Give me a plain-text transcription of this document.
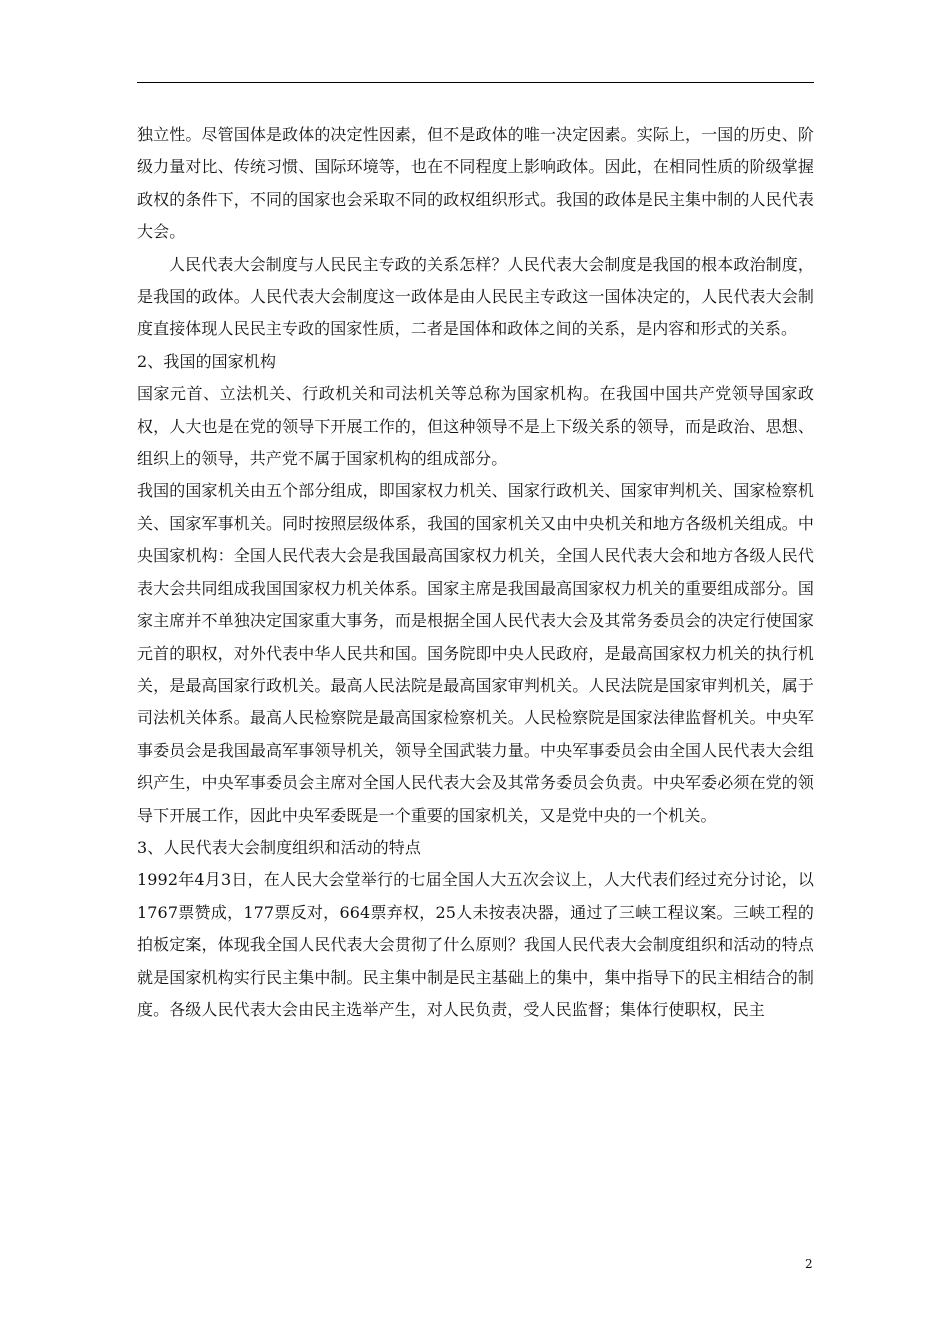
独立性。尽管国体是政体的决定性因素，但不是政体的唯一决定因素。实际上，一国的历史、阶级力量对比、传统习惯、国际环境等，也在不同程度上影响政体。因此，在相同性质的阶级掌握政权的条件下，不同的国家也会采取不同的政权组织形式。我国的政体是民主集中制的人民代表大会。

人民代表大会制度与人民民主专政的关系怎样？人民代表大会制度是我国的根本政治制度，是我国的政体。人民代表大会制度这一政体是由人民民主专政这一国体决定的，人民代表大会制度直接体现人民民主专政的国家性质，二者是国体和政体之间的关系，是内容和形式的关系。

2、我国的国家机构

国家元首、立法机关、行政机关和司法机关等总称为国家机构。在我国中国共产党领导国家政权，人大也是在党的领导下开展工作的，但这种领导不是上下级关系的领导，而是政治、思想、组织上的领导，共产党不属于国家机构的组成部分。

我国的国家机关由五个部分组成，即国家权力机关、国家行政机关、国家审判机关、国家检察机关、国家军事机关。同时按照层级体系，我国的国家机关又由中央机关和地方各级机关组成。中央国家机构：全国人民代表大会是我国最高国家权力机关，全国人民代表大会和地方各级人民代表大会共同组成我国国家权力机关体系。国家主席是我国最高国家权力机关的重要组成部分。国家主席并不单独决定国家重大事务，而是根据全国人民代表大会及其常务委员会的决定行使国家元首的职权，对外代表中华人民共和国。国务院即中央人民政府，是最高国家权力机关的执行机关，是最高国家行政机关。最高人民法院是最高国家审判机关。人民法院是国家审判机关，属于司法机关体系。最高人民检察院是最高国家检察机关。人民检察院是国家法律监督机关。中央军事委员会是我国最高军事领导机关，领导全国武装力量。中央军事委员会由全国人民代表大会组织产生，中央军事委员会主席对全国人民代表大会及其常务委员会负责。中央军委必须在党的领导下开展工作，因此中央军委既是一个重要的国家机关，又是党中央的一个机关。

3、人民代表大会制度组织和活动的特点

1992年4月3日，在人民大会堂举行的七届全国人大五次会议上，人大代表们经过充分讨论，以1767票赞成，177票反对，664票弃权，25人未按表决器，通过了三峡工程议案。三峡工程的拍板定案，体现我全国人民代表大会贯彻了什么原则？我国人民代表大会制度组织和活动的特点就是国家机构实行民主集中制。民主集中制是民主基础上的集中，集中指导下的民主相结合的制度。各级人民代表大会由民主选举产生，对人民负责，受人民监督；集体行使职权，民主

2
